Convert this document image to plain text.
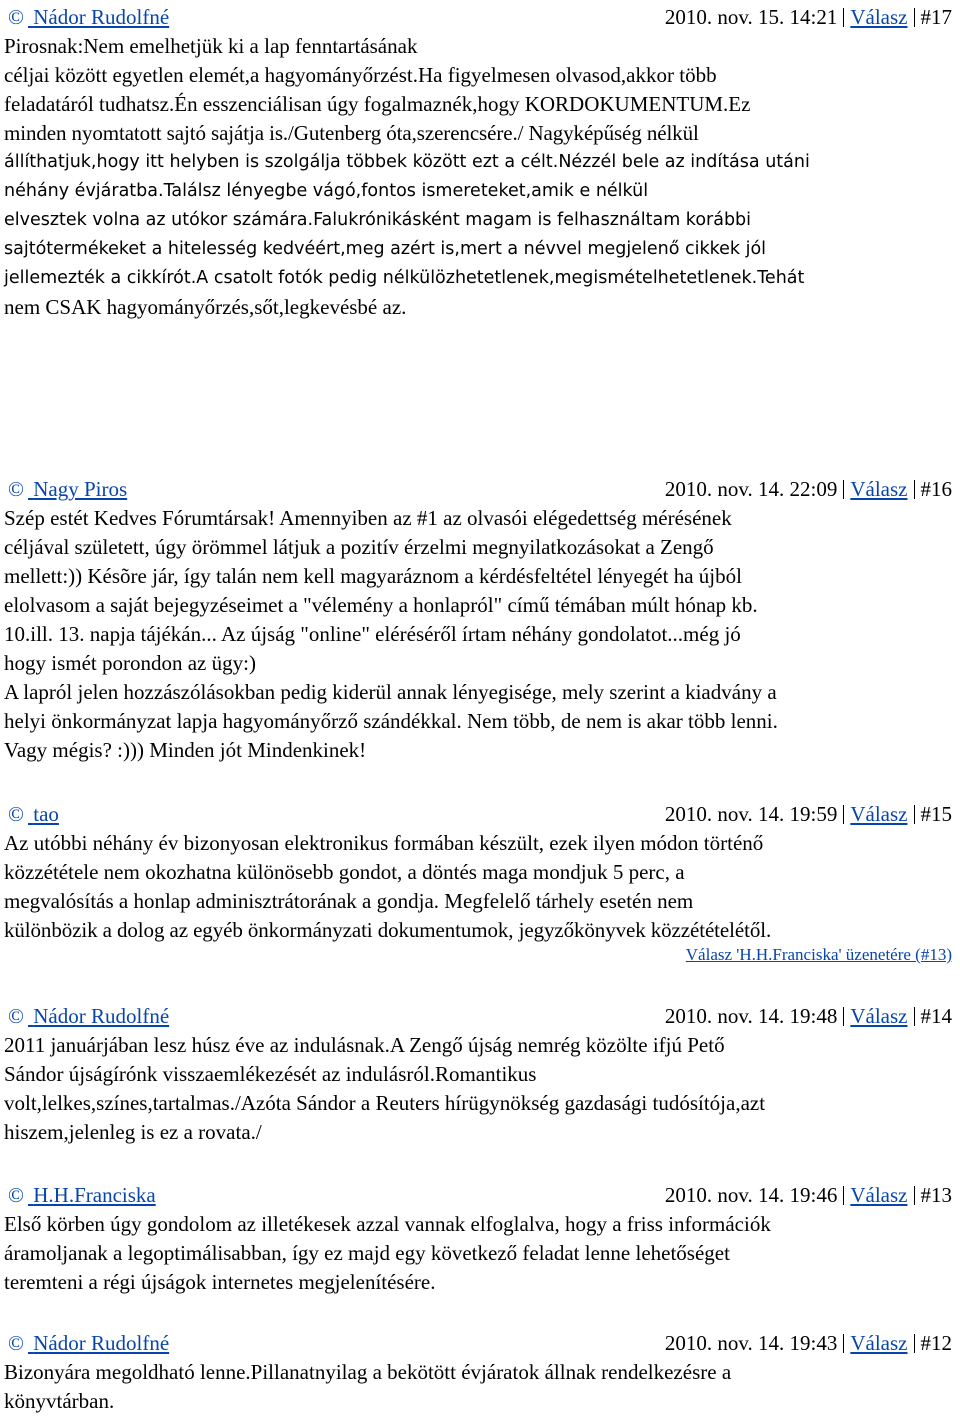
© Nádor Rudolfné	2010. nov. 15. 14:21 Válasz #17
Pirosnak:Nem emelhetjük ki a lap fenntartásának
céljai között egyetlen elemét,a hagyományőrzést.Ha figyelmesen olvasod,akkor több
feladatáról tudhatsz.Én esszenciálisan úgy fogalmaznék,hogy KORDOKUMENTUM.Ez
minden nyomtatott sajtó sajátja is./Gutenberg óta,szerencsére./ Nagyképűség nélkül
állíthatjuk,hogy itt helyben is szolgálja többek között ezt a célt.Nézzél bele az indítása utáni
néhány évjáratba.Találsz lényegbe vágó,fontos ismereteket,amik e nélkül
elvesztek volna az utókor számára.Falukrónikásként magam is felhasználtam korábbi
sajtótermékeket a hitelesség kedvéért,meg azért is,mert a névvel megjelenő cikkek jól
jellemezték a cikkírót.A csatolt fotók pedig nélkülözhetetlenek,megismételhetetlenek.Tehát
nem CSAK hagyományőrzés,sőt,legkevésbé az.
© Nagy Piros	2010. nov. 14. 22:09 Válasz #16
Szép estét Kedves Fórumtársak! Amennyiben az #1 az olvasói elégedettség mérésének
céljával született, úgy örömmel látjuk a pozitív érzelmi megnyilatkozásokat a Zengő
mellett:)) Késõre jár, így talán nem kell magyaráznom a kérdésfeltétel lényegét ha újból
elolvasom a saját bejegyzéseimet a "vélemény a honlapról" című témában múlt hónap kb.
10.ill. 13. napja tájékán... Az újság "online" eléréséről írtam néhány gondolatot...még jó
hogy ismét porondon az ügy:)
A lapról jelen hozzászólásokban pedig kiderül annak lényegisége, mely szerint a kiadvány a
helyi önkormányzat lapja hagyományőrző szándékkal. Nem több, de nem is akar több lenni.
Vagy mégis? :))) Minden jót Mindenkinek!
© tao	2010. nov. 14. 19:59 Válasz #15
Az utóbbi néhány év bizonyosan elektronikus formában készült, ezek ilyen módon történő
közzététele nem okozhatna különösebb gondot, a döntés maga mondjuk 5 perc, a
megvalósítás a honlap adminisztrátorának a gondja. Megfelelő tárhely esetén nem
különbözik a dolog az egyéb önkormányzati dokumentumok, jegyzőkönyvek közzétételétől.
Válasz 'H.H.Franciska' üzenetére (#13)
© Nádor Rudolfné	2010. nov. 14. 19:48 Válasz #14
2011 januárjában lesz húsz éve az indulásnak.A Zengő újság nemrég közölte ifjú Pető
Sándor újságírónk visszaemlékezését az indulásról.Romantikus
volt,lelkes,színes,tartalmas./Azóta Sándor a Reuters hírügynökség gazdasági tudósítója,azt
hiszem,jelenleg is ez a rovata./
© H.H.Franciska	2010. nov. 14. 19:46 Válasz #13
Első körben úgy gondolom az illetékesek azzal vannak elfoglalva, hogy a friss információk
áramoljanak a legoptimálisabban, így ez majd egy következő feladat lenne lehetőséget
teremteni a régi újságok internetes megjelenítésére.
© Nádor Rudolfné	2010. nov. 14. 19:43 Válasz #12
Bizonyára megoldható lenne.Pillanatnyilag a bekötött évjáratok állnak rendelkezésre a
könyvtárban.
